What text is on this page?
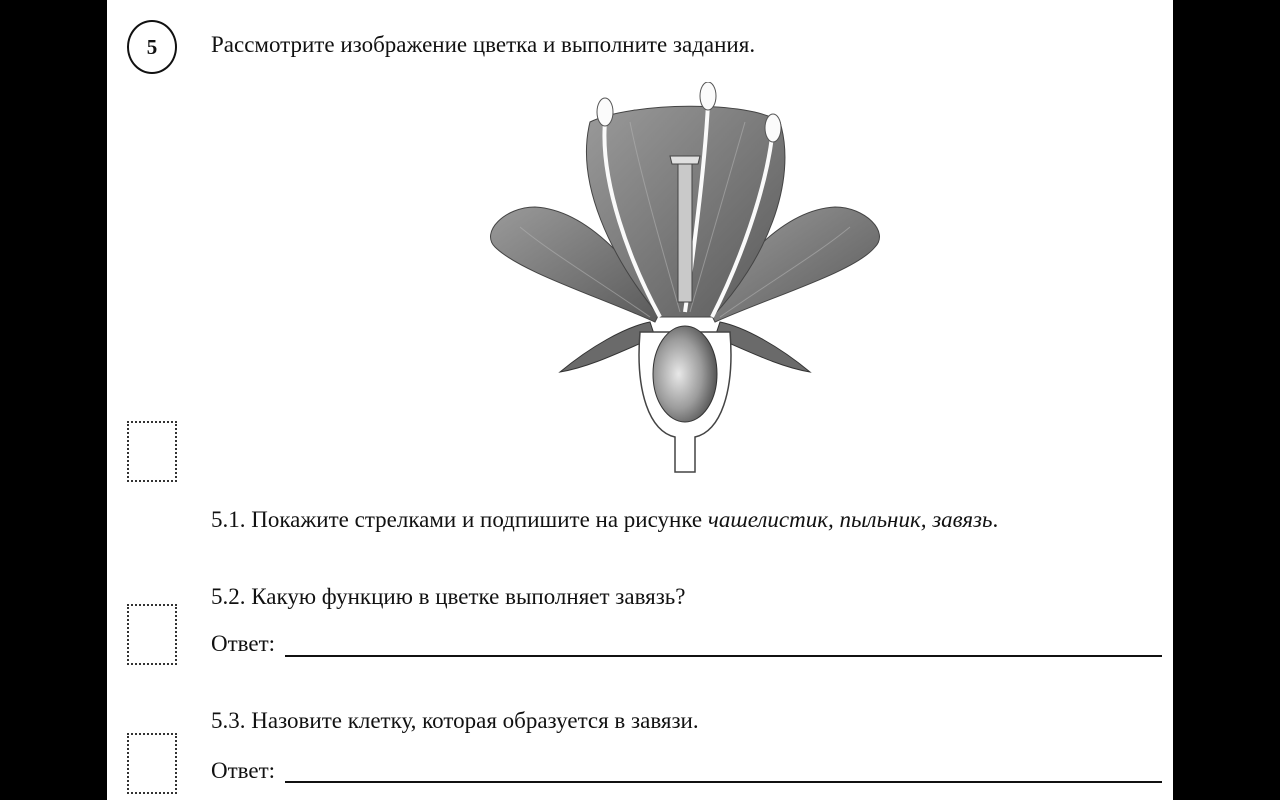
5 Рассмотрите изображение цветка и выполните задания.
5.1. Покажите стрелками и подпишите на рисунке чашелистик, пыльник, завязь.
5.2. Какую функцию в цветке выполняет завязь?
Ответ:
5.3. Назовите клетку, которая образуется в завязи.
Ответ:
